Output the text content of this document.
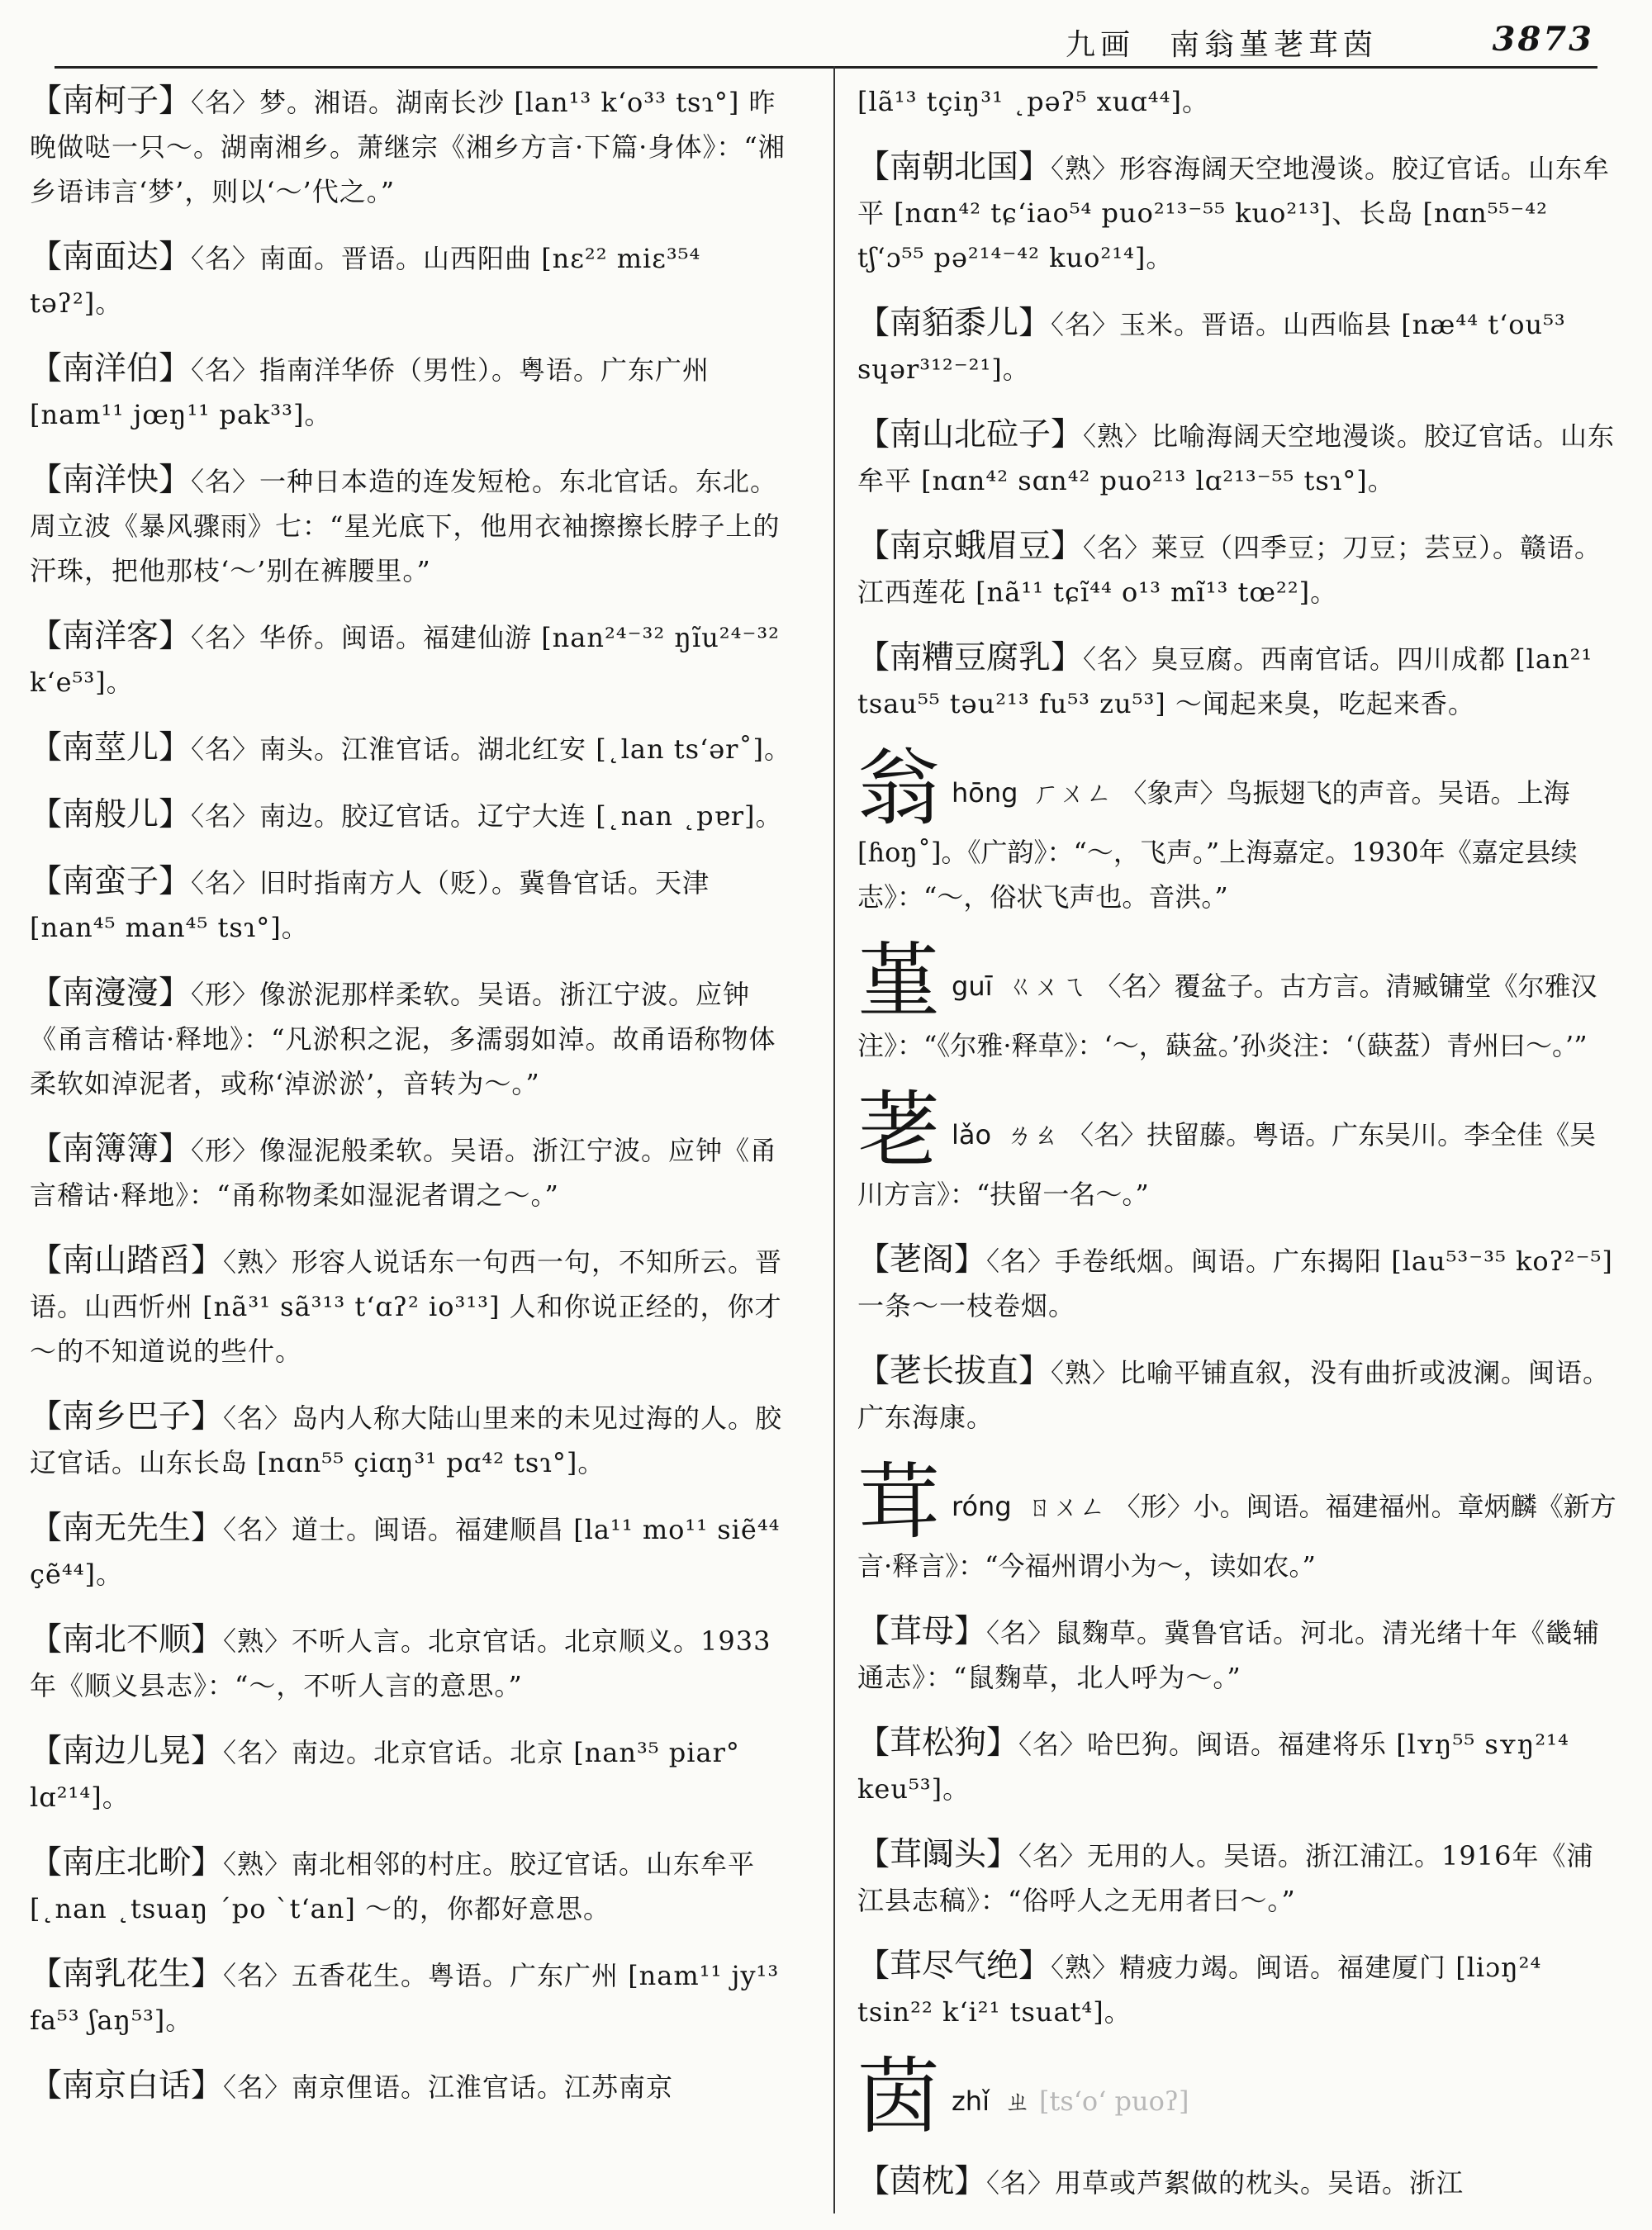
九画　南翁堇荖茸茵	3873
【南柯子】〈名〉梦。湘语。湖南长沙 [lan¹³ k‘o³³ tsɿ°] 昨晚做哒一只～。湖南湘乡。萧继宗《湘乡方言·下篇·身体》：“湘乡语讳言‘梦’，则以‘～’代之。”
【南面达】〈名〉南面。晋语。山西阳曲 [nɛ²² miɛ³⁵⁴ təʔ²]。
【南洋伯】〈名〉指南洋华侨（男性）。粤语。广东广州 [nam¹¹ jœŋ¹¹ pak³³]。
【南洋快】〈名〉一种日本造的连发短枪。东北官话。东北。周立波《暴风骤雨》七：“星光底下，他用衣袖擦擦长脖子上的汗珠，把他那枝‘～’别在裤腰里。”
【南洋客】〈名〉华侨。闽语。福建仙游 [nan²⁴⁻³² ŋĩu²⁴⁻³² k‘e⁵³]。
【南莖儿】〈名〉南头。江淮官话。湖北红安 [˛lan ts‘ər˚]。
【南般儿】〈名〉南边。胶辽官话。辽宁大连 [˛nan ˛pɐr]。
【南蛮子】〈名〉旧时指南方人（贬）。冀鲁官话。天津 [nan⁴⁵ man⁴⁵ tsɿ°]。
【南濅濅】〈形〉像淤泥那样柔软。吴语。浙江宁波。应钟《甬言稽诂·释地》：“凡淤积之泥，多濡弱如淖。故甬语称物体柔软如淖泥者，或称‘淖淤淤’，音转为～。”
【南簿簿】〈形〉像湿泥般柔软。吴语。浙江宁波。应钟《甬言稽诂·释地》：“甬称物柔如湿泥者谓之～。”
【南山踏舀】〈熟〉形容人说话东一句西一句，不知所云。晋语。山西忻州 [nã³¹ sã³¹³ t‘ɑʔ² io³¹³] 人和你说正经的，你才～的不知道说的些什。
【南乡巴子】〈名〉岛内人称大陆山里来的未见过海的人。胶辽官话。山东长岛 [nɑn⁵⁵ çiɑŋ³¹ pɑ⁴² tsɿ°]。
【南无先生】〈名〉道士。闽语。福建顺昌 [la¹¹ mo¹¹ siẽ⁴⁴ çẽ⁴⁴]。
【南北不顺】〈熟〉不听人言。北京官话。北京顺义。1933年《顺义县志》：“～，不听人言的意思。”
【南边儿晃】〈名〉南边。北京官话。北京 [nan³⁵ piar° lɑ²¹⁴]。
【南庄北畍】〈熟〉南北相邻的村庄。胶辽官话。山东牟平 [˛nan ˛tsuaŋ ˊpo ˋt‘an] ～的，你都好意思。
【南乳花生】〈名〉五香花生。粤语。广东广州 [nam¹¹ jy¹³ fa⁵³ ʃaŋ⁵³]。
【南京白话】〈名〉南京俚语。江淮官话。江苏南京
[lã¹³ tçiŋ³¹ ˛pəʔ⁵ xuɑ⁴⁴]。
【南朝北国】〈熟〉形容海阔天空地漫谈。胶辽官话。山东牟平 [nɑn⁴² tɕ‘iao⁵⁴ puo²¹³⁻⁵⁵ kuo²¹³]、长岛 [nɑn⁵⁵⁻⁴² tʃ‘ɔ⁵⁵ pə²¹⁴⁻⁴² kuo²¹⁴]。
【南貊黍儿】〈名〉玉米。晋语。山西临县 [næ⁴⁴ t‘ou⁵³ sɥər³¹²⁻²¹]。
【南山北砬子】〈熟〉比喻海阔天空地漫谈。胶辽官话。山东牟平 [nɑn⁴² sɑn⁴² puo²¹³ lɑ²¹³⁻⁵⁵ tsɿ°]。
【南京蛾眉豆】〈名〉莱豆（四季豆；刀豆；芸豆）。赣语。江西莲花 [nã¹¹ tɕĩ⁴⁴ o¹³ mĩ¹³ tœ²²]。
【南糟豆腐乳】〈名〉臭豆腐。西南官话。四川成都 [lan²¹ tsau⁵⁵ təu²¹³ fu⁵³ zu⁵³] ～闻起来臭，吃起来香。
翁hōng ㄏㄨㄥ 〈象声〉鸟振翅飞的声音。吴语。上海 [ɦoŋ˚]。《广韵》：“～，飞声。”上海嘉定。1930年《嘉定县续志》：“～，俗状飞声也。音洪。”
堇guī ㄍㄨㄟ 〈名〉覆盆子。古方言。清臧镛堂《尔雅汉注》：“《尔雅·释草》：‘～，蒛盆。’孙炎注：‘（蒛葐）青州曰～。’”
荖lǎo ㄌㄠ 〈名〉扶留藤。粤语。广东吴川。李全佳《吴川方言》：“扶留一名～。”
【荖阁】〈名〉手卷纸烟。闽语。广东揭阳 [lau⁵³⁻³⁵ koʔ²⁻⁵] 一条～一枝卷烟。
【荖长拔直】〈熟〉比喻平铺直叙，没有曲折或波澜。闽语。广东海康。
茸róng ㄖㄨㄥ 〈形〉小。闽语。福建福州。章炳麟《新方言·释言》：“今福州谓小为～，读如农。”
【茸母】〈名〉鼠麴草。冀鲁官话。河北。清光绪十年《畿辅通志》：“鼠麴草，北人呼为～。”
【茸松狗】〈名〉哈巴狗。闽语。福建将乐 [lʏŋ⁵⁵ sʏŋ²¹⁴ keu⁵³]。
【茸阘头】〈名〉无用的人。吴语。浙江浦江。1916年《浦江县志稿》：“俗呼人之无用者曰～。”
【茸尽气绝】〈熟〉精疲力竭。闽语。福建厦门 [liɔŋ²⁴ tsin²² k‘i²¹ tsuat⁴]。
茵zhǐ ㄓ [tsʻoʻ puoʔ]
【茵枕】〈名〉用草或芦絮做的枕头。吴语。浙江
